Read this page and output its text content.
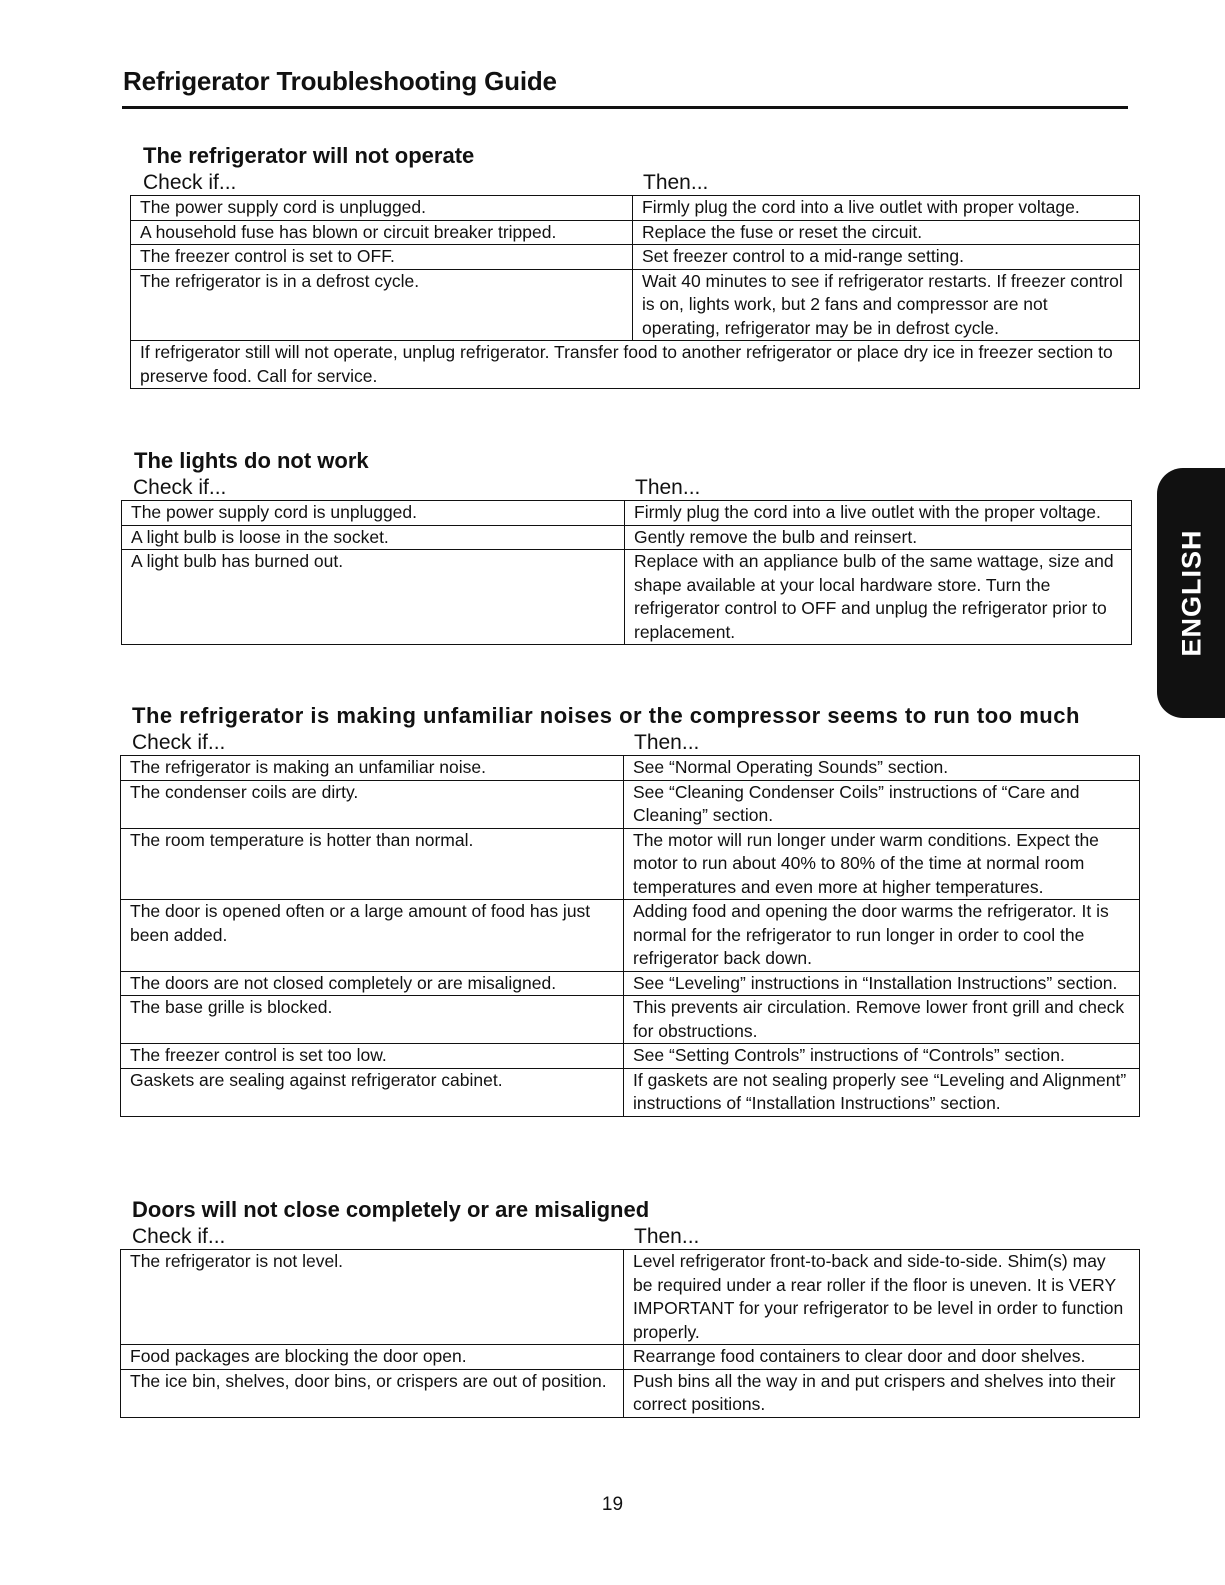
Refrigerator Troubleshooting Guide
The refrigerator will not operate
Check if...	Then...
The power supply cord is unplugged.	Firmly plug the cord into a live outlet with proper voltage.
A household fuse has blown or circuit breaker tripped.	Replace the fuse or reset the circuit.
The freezer control is set to OFF.	Set freezer control to a mid-range setting.
The refrigerator is in a defrost cycle.	Wait 40 minutes to see if refrigerator restarts. If freezer control is on, lights work, but 2 fans and compressor are not operating, refrigerator may be in defrost cycle.
If refrigerator still will not operate, unplug refrigerator. Transfer food to another refrigerator or place dry ice in freezer section to preserve food. Call for service.	
The lights do not work
Check if...	Then...
The power supply cord is unplugged.	Firmly plug the cord into a live outlet with the proper voltage.
A light bulb is loose in the socket.	Gently remove the bulb and reinsert.
A light bulb has burned out.	Replace with an appliance bulb of the same wattage, size and shape available at your local hardware store. Turn the refrigerator control to OFF and unplug the refrigerator prior to replacement.
The refrigerator is making unfamiliar noises or the compressor seems to run too much
Check if...	Then...
The refrigerator is making an unfamiliar noise.	See “Normal Operating Sounds” section.
The condenser coils are dirty.	See “Cleaning Condenser Coils” instructions of “Care and Cleaning” section.
The room temperature is hotter than normal.	The motor will run longer under warm conditions. Expect the motor to run about 40% to 80% of the time at normal room temperatures and even more at higher temperatures.
The door is opened often or a large amount of food has just been added.	Adding food and opening the door warms the refrigerator. It is normal for the refrigerator to run longer in order to cool the refrigerator back down.
The doors are not closed completely or are misaligned.	See “Leveling” instructions in “Installation Instructions” section.
The base grille is blocked.	This prevents air circulation. Remove lower front grill and check for obstructions.
The freezer control is set too low.	See “Setting Controls” instructions of “Controls” section.
Gaskets are sealing against refrigerator cabinet.	If gaskets are not sealing properly see “Leveling and Alignment” instructions of “Installation Instructions” section.
Doors will not close completely or are misaligned
Check if...	Then...
The refrigerator is not level.	Level refrigerator front-to-back and side-to-side. Shim(s) may be required under a rear roller if the floor is uneven. It is VERY IMPORTANT for your refrigerator to be level in order to function properly.
Food packages are blocking the door open.	Rearrange food containers to clear door and door shelves.
The ice bin, shelves, door bins, or crispers are out of position.	Push bins all the way in and put crispers and shelves into their correct positions.
ENGLISH
19
